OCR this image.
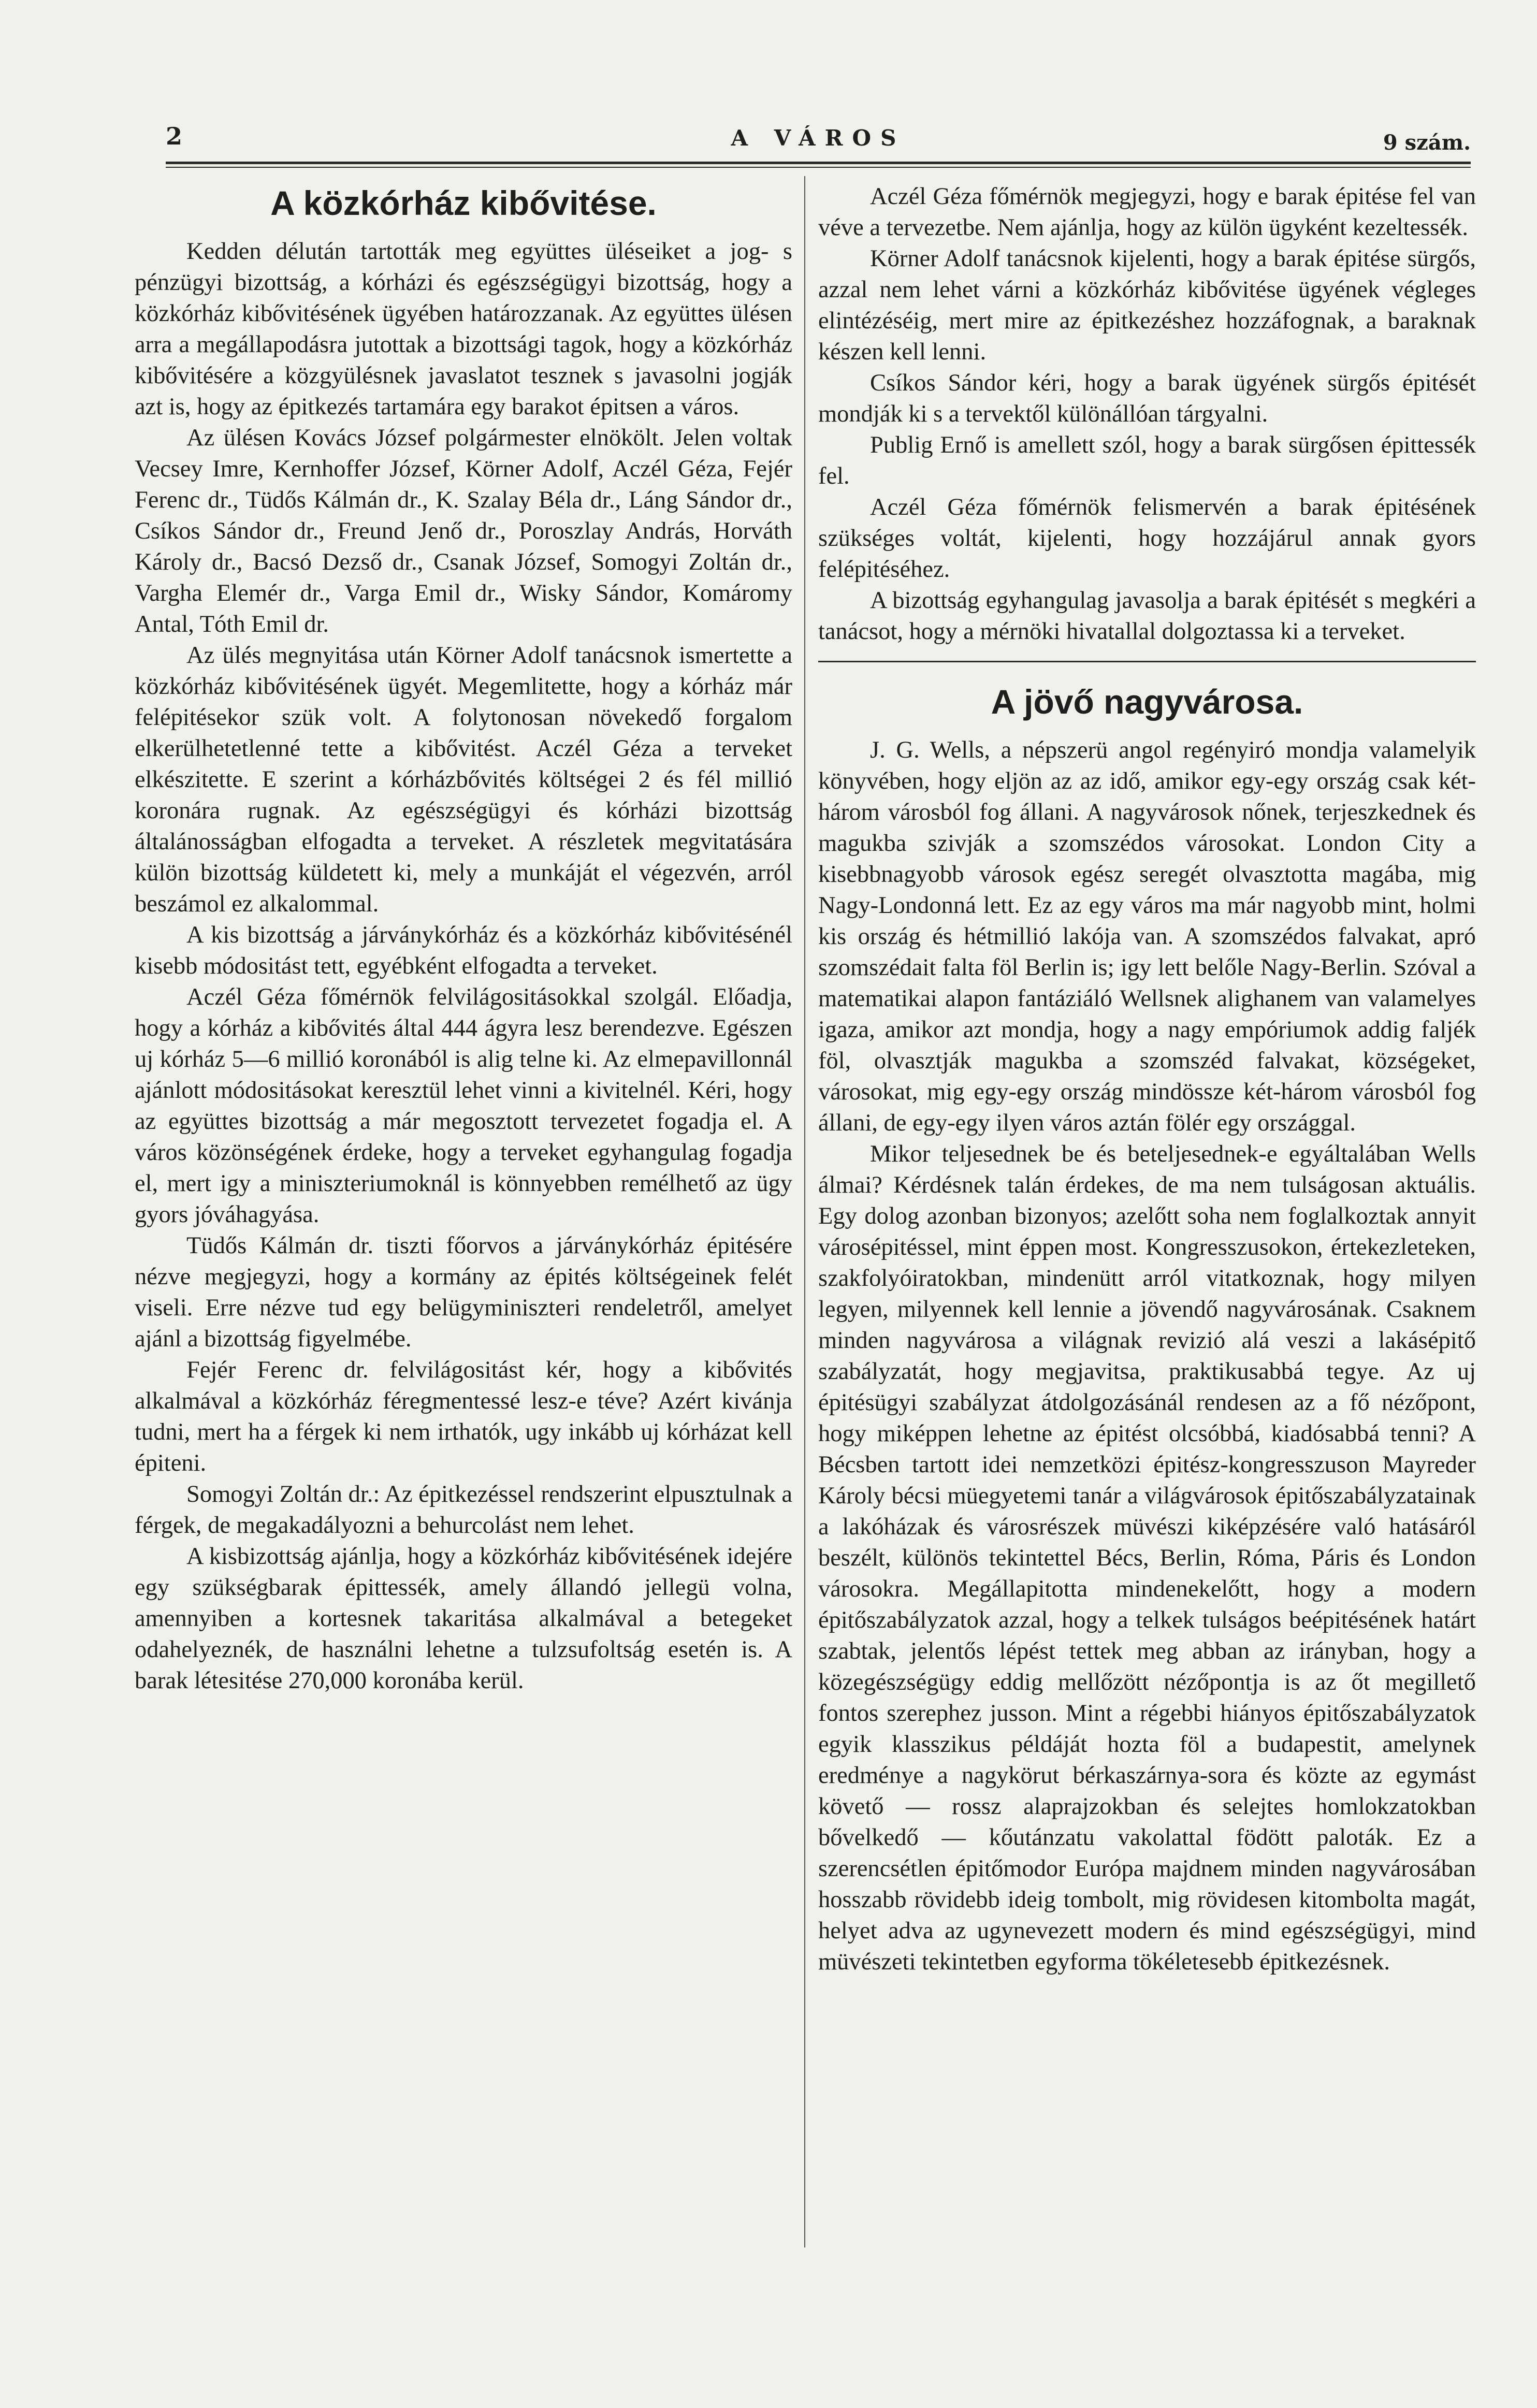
2	A VÁROS	9 szám.
A közkórház kibővitése.

Kedden délután tartották meg együttes üléseiket a jog- s pénzügyi bizottság, a kórházi és egészségügyi bizottság, hogy a közkórház kibővitésének ügyében határozzanak. Az együttes ülésen arra a megállapodásra jutottak a bizottsági tagok, hogy a közkórház kibővitésére a közgyülésnek javaslatot tesznek s javasolni jogják azt is, hogy az épitkezés tartamára egy barakot épitsen a város.

Az ülésen Kovács József polgármester elnökölt. Jelen voltak Vecsey Imre, Kernhoffer József, Körner Adolf, Aczél Géza, Fejér Ferenc dr., Tüdős Kálmán dr., K. Szalay Béla dr., Láng Sándor dr., Csíkos Sándor dr., Freund Jenő dr., Poroszlay András, Horváth Károly dr., Bacsó Dezső dr., Csanak József, Somogyi Zoltán dr., Vargha Elemér dr., Varga Emil dr., Wisky Sándor, Komáromy Antal, Tóth Emil dr.

Az ülés megnyitása után Körner Adolf tanácsnok ismertette a közkórház kibővitésének ügyét. Megemlitette, hogy a kórház már felépitésekor szük volt. A folytonosan növekedő forgalom elkerülhetetlenné tette a kibővitést. Aczél Géza a terveket elkészitette. E szerint a kórházbővités költségei 2 és fél millió koronára rugnak. Az egészségügyi és kórházi bizottság általánosságban elfogadta a terveket. A részletek megvitatására külön bizottság küldetett ki, mely a munkáját el végezvén, arról beszámol ez alkalommal.

A kis bizottság a járványkórház és a közkórház kibővitésénél kisebb módositást tett, egyébként elfogadta a terveket.

Aczél Géza főmérnök felvilágositásokkal szolgál. Előadja, hogy a kórház a kibővités által 444 ágyra lesz berendezve. Egészen uj kórház 5—6 millió koronából is alig telne ki. Az elmepavillonnál ajánlott módositásokat keresztül lehet vinni a kivitelnél. Kéri, hogy az együttes bizottság a már megosztott tervezetet fogadja el. A város közönségének érdeke, hogy a terveket egyhangulag fogadja el, mert igy a miniszteriumoknál is könnyebben remélhető az ügy gyors jóváhagyása.

Tüdős Kálmán dr. tiszti főorvos a járványkórház épitésére nézve megjegyzi, hogy a kormány az épités költségeinek felét viseli. Erre nézve tud egy belügyminiszteri rendeletről, amelyet ajánl a bizottság figyelmébe.

Fejér Ferenc dr. felvilágositást kér, hogy a kibővités alkalmával a közkórház féregmentessé lesz-e téve? Azért kivánja tudni, mert ha a férgek ki nem irthatók, ugy inkább uj kórházat kell épiteni.

Somogyi Zoltán dr.: Az épitkezéssel rendszerint elpusztulnak a férgek, de megakadályozni a behurcolást nem lehet.

A kisbizottság ajánlja, hogy a közkórház kibővitésének idejére egy szükségbarak épittessék, amely állandó jellegü volna, amennyiben a kortesnek takaritása alkalmával a betegeket odahelyeznék, de használni lehetne a tulzsufoltság esetén is. A barak létesitése 270,000 koronába kerül.

Aczél Géza főmérnök megjegyzi, hogy e barak épitése fel van véve a tervezetbe. Nem ajánlja, hogy az külön ügyként kezeltessék.

Körner Adolf tanácsnok kijelenti, hogy a barak épitése sürgős, azzal nem lehet várni a közkórház kibővitése ügyének végleges elintézéséig, mert mire az épitkezéshez hozzáfognak, a baraknak készen kell lenni.

Csíkos Sándor kéri, hogy a barak ügyének sürgős épitését mondják ki s a tervektől különállóan tárgyalni.

Publig Ernő is amellett szól, hogy a barak sürgősen épittessék fel.

Aczél Géza főmérnök felismervén a barak épitésének szükséges voltát, kijelenti, hogy hozzájárul annak gyors felépitéséhez.

A bizottság egyhangulag javasolja a barak épitését s megkéri a tanácsot, hogy a mérnöki hivatallal dolgoztassa ki a terveket.

A jövő nagyvárosa.

J. G. Wells, a népszerü angol regényiró mondja valamelyik könyvében, hogy eljön az az idő, amikor egy-egy ország csak két-három városból fog állani. A nagyvárosok nőnek, terjeszkednek és magukba szivják a szomszédos városokat. London City a kisebbnagyobb városok egész seregét olvasztotta magába, mig Nagy-Londonná lett. Ez az egy város ma már nagyobb mint, holmi kis ország és hétmillió lakója van. A szomszédos falvakat, apró szomszédait falta föl Berlin is; igy lett belőle Nagy-Berlin. Szóval a matematikai alapon fantáziáló Wellsnek alighanem van valamelyes igaza, amikor azt mondja, hogy a nagy empóriumok addig faljék föl, olvasztják magukba a szomszéd falvakat, községeket, városokat, mig egy-egy ország mindössze két-három városból fog állani, de egy-egy ilyen város aztán fölér egy országgal.

Mikor teljesednek be és beteljesednek-e egyáltalában Wells álmai? Kérdésnek talán érdekes, de ma nem tulságosan aktuális. Egy dolog azonban bizonyos; azelőtt soha nem foglalkoztak annyit városépitéssel, mint éppen most. Kongresszusokon, értekezleteken, szakfolyóiratokban, mindenütt arról vitatkoznak, hogy milyen legyen, milyennek kell lennie a jövendő nagyvárosának. Csaknem minden nagyvárosa a világnak revizió alá veszi a lakásépitő szabályzatát, hogy megjavitsa, praktikusabbá tegye. Az uj épitésügyi szabályzat átdolgozásánál rendesen az a fő nézőpont, hogy miképpen lehetne az épitést olcsóbbá, kiadósabbá tenni? A Bécsben tartott idei nemzetközi épitész-kongresszuson Mayreder Károly bécsi müegyetemi tanár a világvárosok épitőszabályzatainak a lakóházak és városrészek müvészi kiképzésére való hatásáról beszélt, különös tekintettel Bécs, Berlin, Róma, Páris és London városokra. Megállapitotta mindenekelőtt, hogy a modern épitőszabályzatok azzal, hogy a telkek tulságos beépitésének határt szabtak, jelentős lépést tettek meg abban az irányban, hogy a közegészségügy eddig mellőzött nézőpontja is az őt megillető fontos szerephez jusson. Mint a régebbi hiányos épitőszabályzatok egyik klasszikus példáját hozta föl a budapestit, amelynek eredménye a nagykörut bérkaszárnya-sora és közte az egymást követő — rossz alaprajzokban és selejtes homlokzatokban bővelkedő — kőutánzatu vakolattal födött paloták. Ez a szerencsétlen épitőmodor Európa majdnem minden nagyvárosában hosszabb rövidebb ideig tombolt, mig rövidesen kitombolta magát, helyet adva az ugynevezett modern és mind egészségügyi, mind müvészeti tekintetben egyforma tökéletesebb épitkezésnek.
